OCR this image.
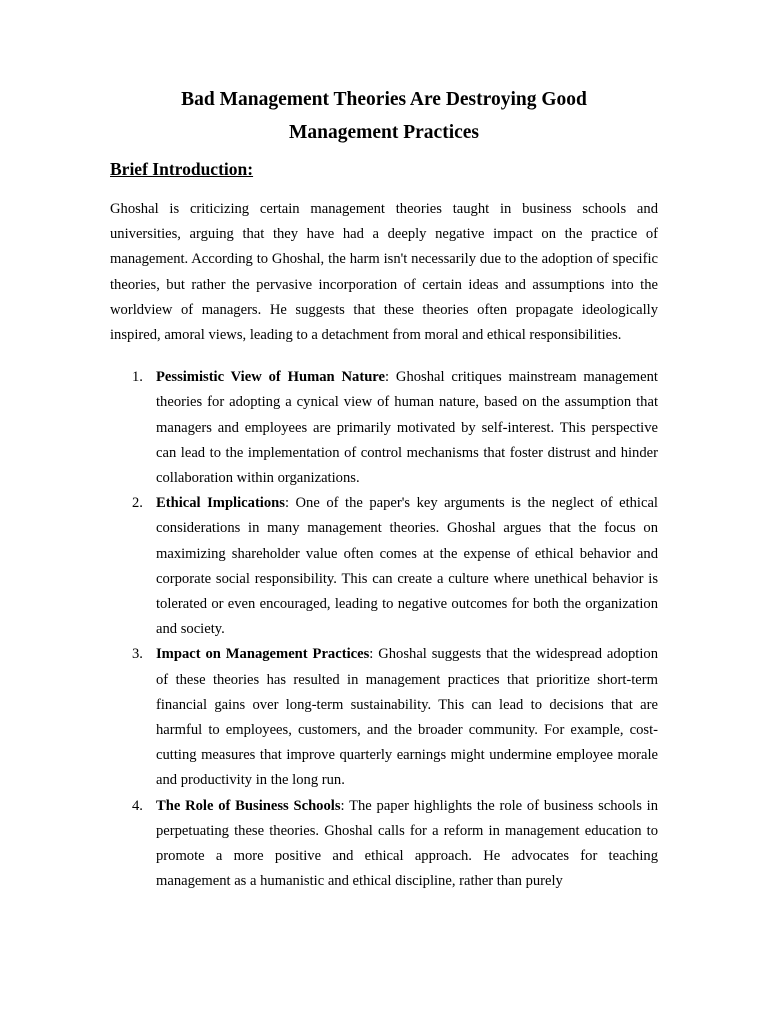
Bad Management Theories Are Destroying Good
Management Practices
Brief Introduction:

Ghoshal is criticizing certain management theories taught in business schools and universities, arguing that they have had a deeply negative impact on the practice of management. According to Ghoshal, the harm isn't necessarily due to the adoption of specific theories, but rather the pervasive incorporation of certain ideas and assumptions into the worldview of managers. He suggests that these theories often propagate ideologically inspired, amoral views, leading to a detachment from moral and ethical responsibilities.

1. Pessimistic View of Human Nature: Ghoshal critiques mainstream management theories for adopting a cynical view of human nature, based on the assumption that managers and employees are primarily motivated by self-interest. This perspective can lead to the implementation of control mechanisms that foster distrust and hinder collaboration within organizations.
2. Ethical Implications: One of the paper's key arguments is the neglect of ethical considerations in many management theories. Ghoshal argues that the focus on maximizing shareholder value often comes at the expense of ethical behavior and corporate social responsibility. This can create a culture where unethical behavior is tolerated or even encouraged, leading to negative outcomes for both the organization and society.
3. Impact on Management Practices: Ghoshal suggests that the widespread adoption of these theories has resulted in management practices that prioritize short-term financial gains over long-term sustainability. This can lead to decisions that are harmful to employees, customers, and the broader community. For example, cost-cutting measures that improve quarterly earnings might undermine employee morale and productivity in the long run.
4. The Role of Business Schools: The paper highlights the role of business schools in perpetuating these theories. Ghoshal calls for a reform in management education to promote a more positive and ethical approach. He advocates for teaching management as a humanistic and ethical discipline, rather than purely
